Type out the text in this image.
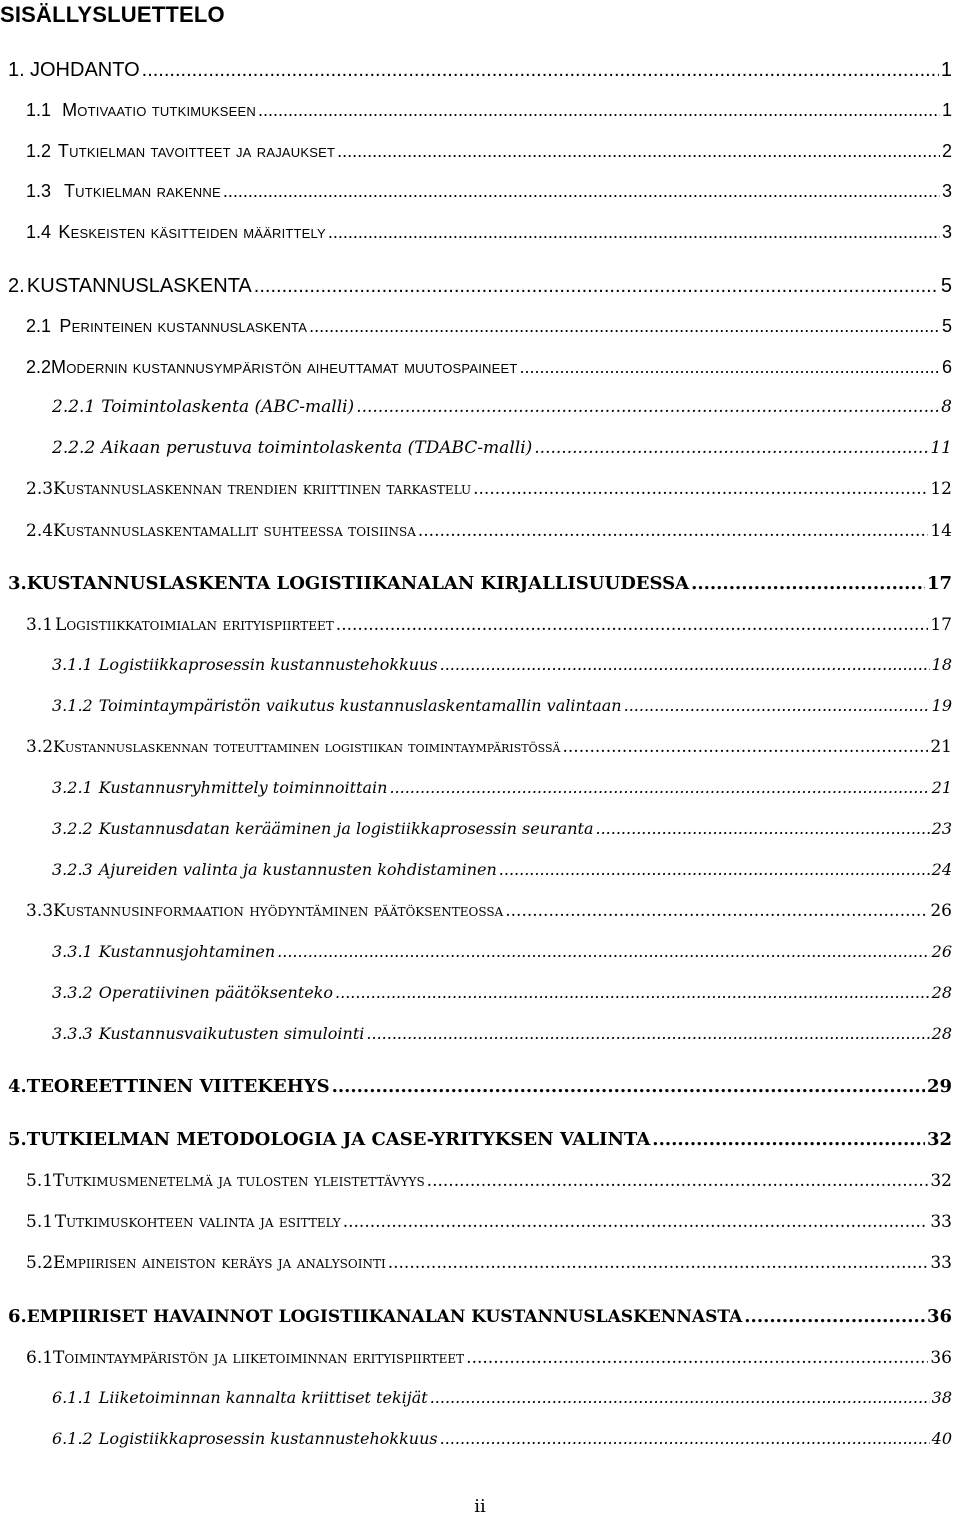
SISÄLLYSLUETTELO
1. JOHDANTO .....	1
1.1 Motivaatio tutkimukseen .....	1
1.2 Tutkielman tavoitteet ja rajaukset .....	2
1.3 Tutkielman rakenne .....	3
1.4 Keskeisten käsitteiden määrittely .....	3
2. KUSTANNUSLASKENTA .....	5
2.1 Perinteinen kustannuslaskenta .....	5
2.2 Modernin kustannusympäristön aiheuttamat muutospaineet .....	6
2.2.1 Toimintolaskenta (ABC-malli) .....	8
2.2.2 Aikaan perustuva toimintolaskenta (TDABC-malli) .....	11
2.3 Kustannuslaskennan trendien kriittinen tarkastelu .....	12
2.4 Kustannuslaskentamallit suhteessa toisiinsa .....	14
3. KUSTANNUSLASKENTA LOGISTIIKANALAN KIRJALLISUUDESSA .....	17
3.1 Logistiikkatoimialan erityispiirteet .....	17
3.1.1 Logistiikkaprosessin kustannustehokkuus .....	18
3.1.2 Toimintaympäristön vaikutus kustannuslaskentamallin valintaan .....	19
3.2 Kustannuslaskennan toteuttaminen logistiikan toimintaympäristössä .....	21
3.2.1 Kustannusryhmittely toiminnoittain .....	21
3.2.2 Kustannusdatan kerääminen ja logistiikkaprosessin seuranta .....	23
3.2.3 Ajureiden valinta ja kustannusten kohdistaminen .....	24
3.3 Kustannusinformaation hyödyntäminen päätöksenteossa .....	26
3.3.1 Kustannusjohtaminen .....	26
3.3.2 Operatiivinen päätöksenteko .....	28
3.3.3 Kustannusvaikutusten simulointi .....	28
4. TEOREETTINEN VIITEKEHYS .....	29
5. TUTKIELMAN METODOLOGIA JA CASE-YRITYKSEN VALINTA .....	32
5.1 Tutkimusmenetelmä ja tulosten yleistettävyys .....	32
5.1 Tutkimuskohteen valinta ja esittely .....	33
5.2 Empiirisen aineiston keräys ja analysointi .....	33
6. EMPIIRISET HAVAINNOT LOGISTIIKANALAN KUSTANNUSLASKENNASTA .....	36
6.1 Toimintaympäristön ja liiketoiminnan erityispiirteet .....	36
6.1.1 Liiketoiminnan kannalta kriittiset tekijät .....	38
6.1.2 Logistiikkaprosessin kustannustehokkuus .....	40
ii
